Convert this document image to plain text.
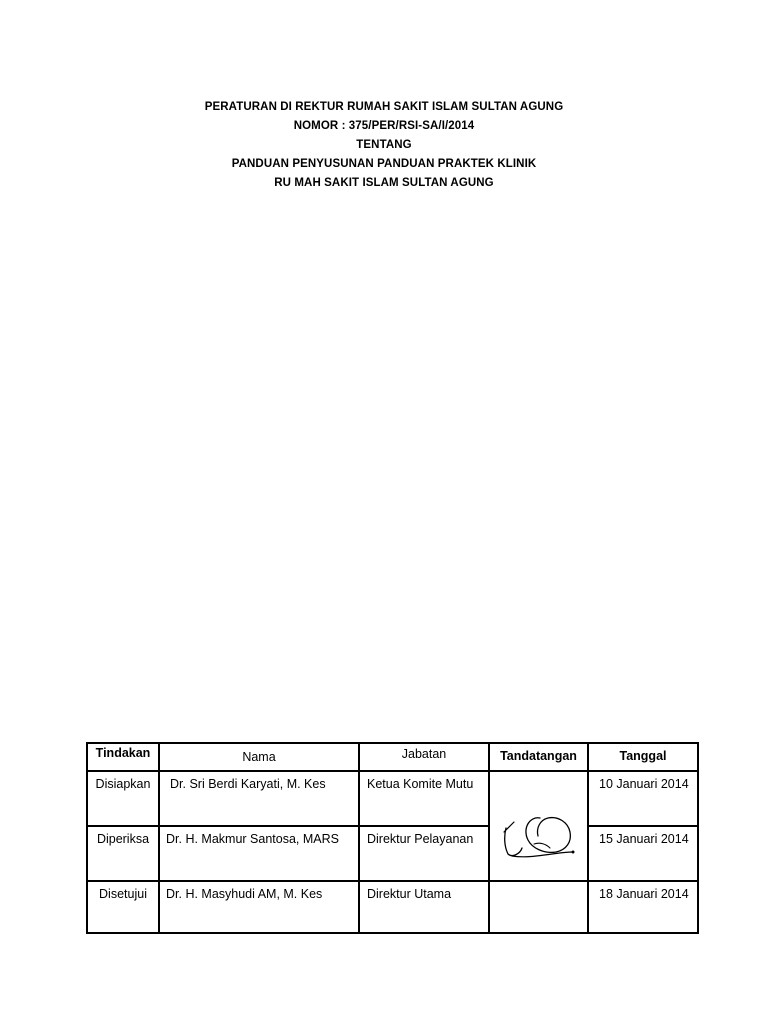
PERATURAN DI REKTUR RUMAH SAKIT ISLAM SULTAN AGUNG
NOMOR : 375/PER/RSI-SA/I/2014
TENTANG
PANDUAN PENYUSUNAN PANDUAN PRAKTEK KLINIK
RU MAH SAKIT ISLAM SULTAN AGUNG
Tindakan	Nama	Jabatan	Tandatangan	Tanggal
Disiapkan	Dr. Sri Berdi Karyati, M. Kes	Ketua Komite Mutu		10 Januari 2014
Diperiksa	Dr. H. Makmur Santosa, MARS	Direktur Pelayanan		15 Januari 2014
Disetujui	Dr. H. Masyhudi AM, M. Kes	Direktur Utama		18 Januari 2014
